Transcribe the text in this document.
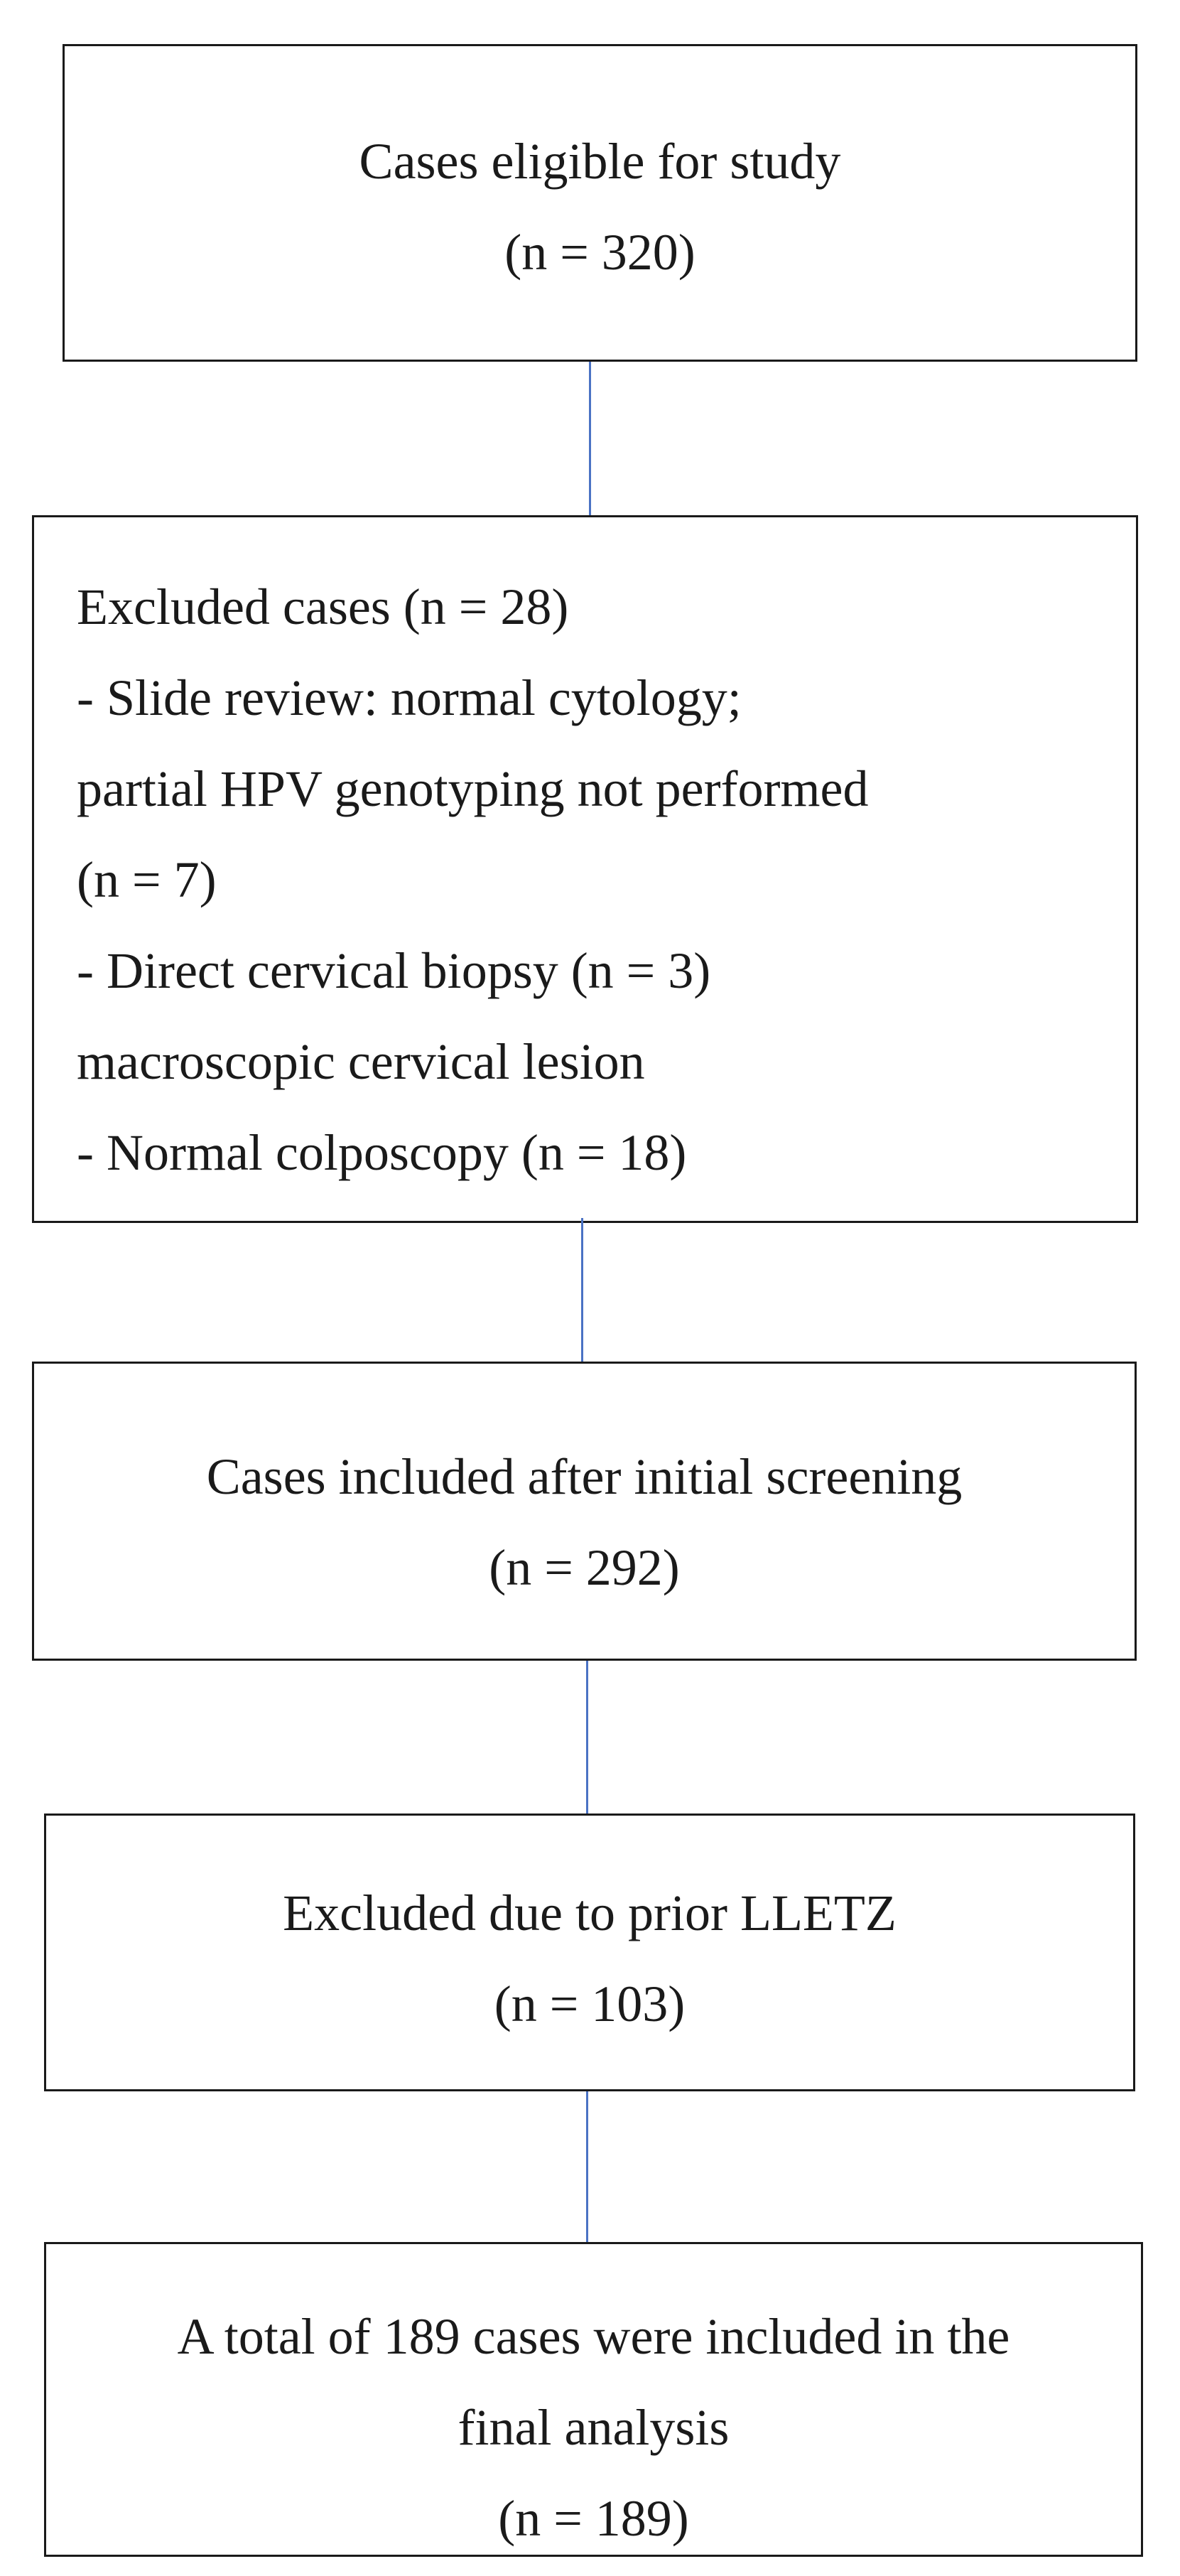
Cases eligible for study
(n = 320)
Excluded cases (n = 28)
- Slide review: normal cytology;
partial HPV genotyping not performed
(n = 7)
- Direct cervical biopsy (n = 3)
macroscopic cervical lesion
- Normal colposcopy (n = 18)
Cases included after initial screening
(n = 292)
Excluded due to prior LLETZ
(n = 103)
A total of 189 cases were included in the
final analysis
(n = 189)
